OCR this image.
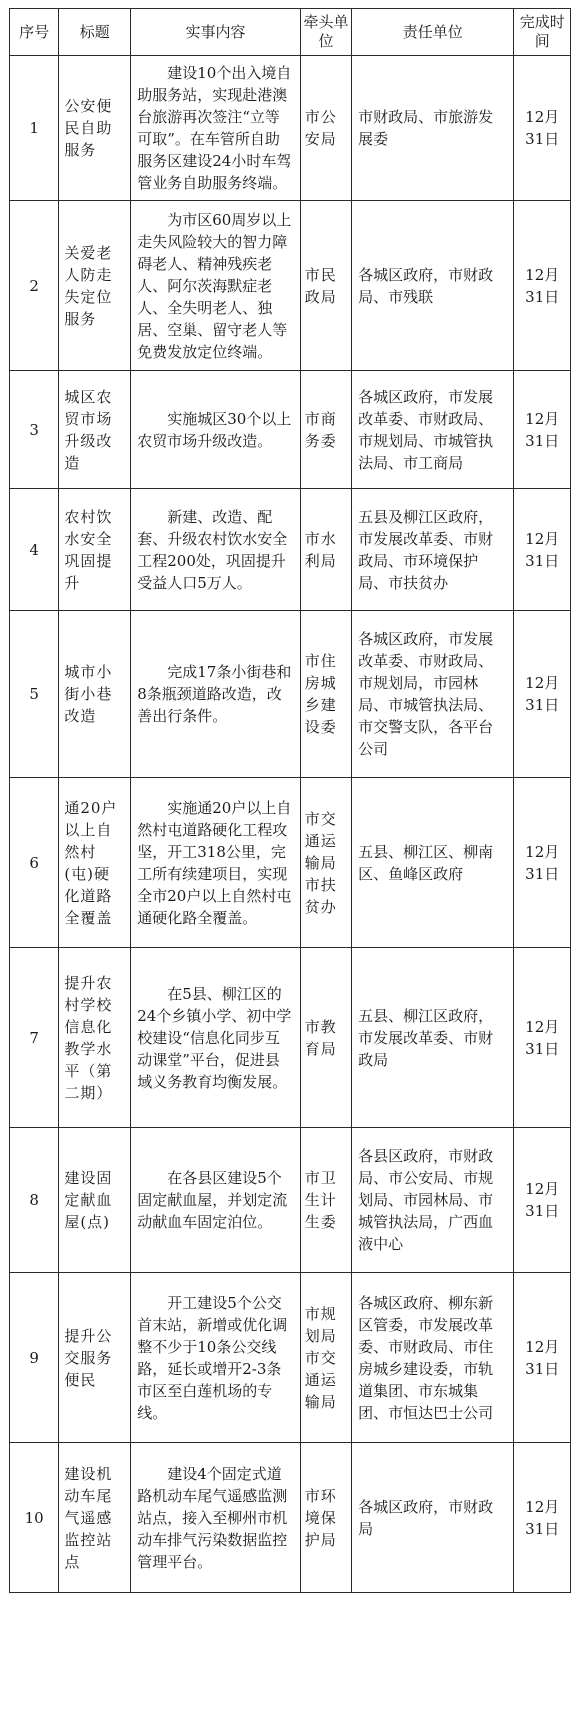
序号	标题	实事内容	牵头单位	责任单位	完成时间
1	公安便民自助服务	建设10个出入境自助服务站，实现赴港澳台旅游再次签注“立等可取”。在车管所自助服务区建设24小时车驾管业务自助服务终端。	市公安局	市财政局、市旅游发展委	12月
31日

2	关爱老人防走失定位服务	为市区60周岁以上走失风险较大的智力障碍老人、精神残疾老人、阿尔茨海默症老人、全失明老人、独居、空巢、留守老人等免费发放定位终端。	市民政局	各城区政府，市财政局、市残联	12月
31日

3	城区农贸市场升级改造	实施城区30个以上农贸市场升级改造。	市商务委	各城区政府，市发展改革委、市财政局、市规划局、市城管执法局、市工商局	12月
31日

4	农村饮水安全巩固提升	新建、改造、配套、升级农村饮水安全工程200处，巩固提升受益人口5万人。	市水利局	五县及柳江区政府，市发展改革委、市财政局、市环境保护局、市扶贫办	12月
31日

5	城市小街小巷改造	完成17条小街巷和8条瓶颈道路改造，改善出行条件。	市住房城乡建设委	各城区政府，市发展改革委、市财政局、市规划局，市园林局、市城管执法局、市交警支队，各平台公司	12月
31日

6	通20户以上自然村(屯)硬化道路全覆盖	实施通20户以上自然村屯道路硬化工程攻坚，开工318公里，完工所有续建项目，实现全市20户以上自然村屯通硬化路全覆盖。	市交通运输局市扶贫办	五县、柳江区、柳南区、鱼峰区政府	12月
31日

7	提升农村学校信息化教学水平（第二期）	在5县、柳江区的24个乡镇小学、初中学校建设“信息化同步互动课堂”平台，促进县域义务教育均衡发展。	市教育局	五县、柳江区政府，市发展改革委、市财政局	12月
31日

8	建设固定献血屋(点)	在各县区建设5个固定献血屋，并划定流动献血车固定泊位。	市卫生计生委	各县区政府，市财政局、市公安局、市规划局、市园林局、市城管执法局，广西血液中心	12月
31日

9	提升公交服务便民	开工建设5个公交首末站，新增或优化调整不少于10条公交线路，延长或增开2-3条市区至白莲机场的专线。	市规划局市交通运输局	各城区政府、柳东新区管委，市发展改革委、市财政局、市住房城乡建设委，市轨道集团、市东城集团、市恒达巴士公司	12月
31日

10	建设机动车尾气遥感监控站点	建设4个固定式道路机动车尾气遥感监测站点，接入至柳州市机动车排气污染数据监控管理平台。	市环境保护局	各城区政府，市财政局	12月
31日
